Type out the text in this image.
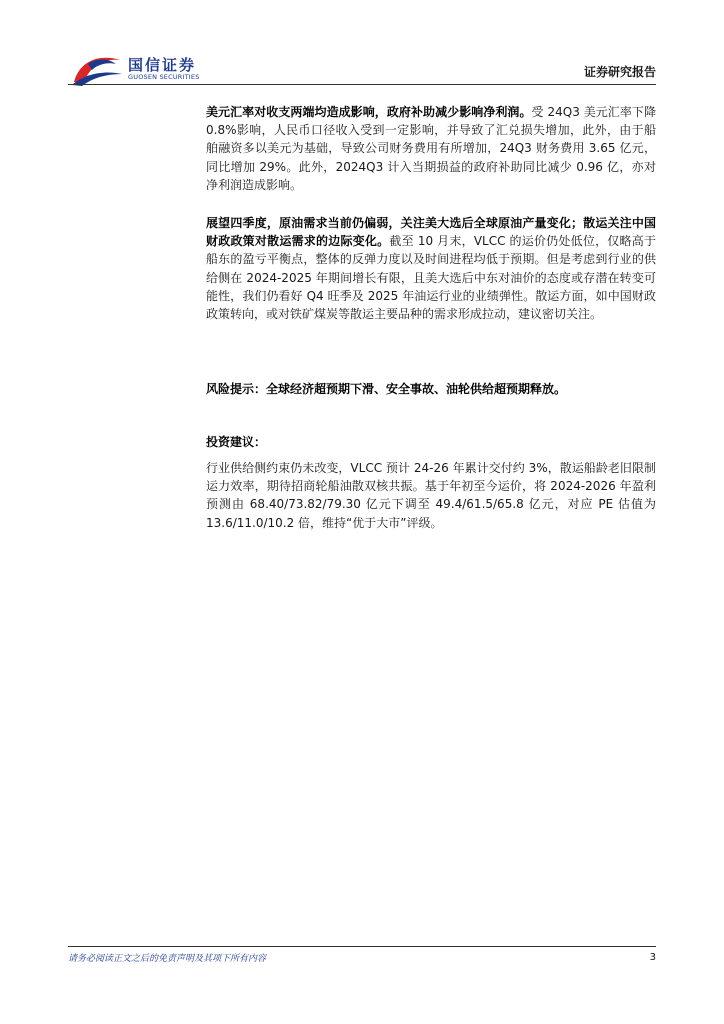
国信证券
GUOSEN SECURITIES	证券研究报告

美元汇率对收支两端均造成影响，政府补助减少影响净利润。受 24Q3 美元汇率下降 0.8%影响，人民币口径收入受到一定影响，并导致了汇兑损失增加，此外，由于船舶融资多以美元为基础，导致公司财务费用有所增加，24Q3 财务费用 3.65 亿元，同比增加 29%。此外，2024Q3 计入当期损益的政府补助同比减少 0.96 亿，亦对净利润造成影响。

展望四季度，原油需求当前仍偏弱，关注美大选后全球原油产量变化；散运关注中国财政政策对散运需求的边际变化。截至 10 月末，VLCC 的运价仍处低位，仅略高于船东的盈亏平衡点，整体的反弹力度以及时间进程均低于预期。但是考虑到行业的供给侧在 2024-2025 年期间增长有限，且美大选后中东对油价的态度或存潜在转变可能性，我们仍看好 Q4 旺季及 2025 年油运行业的业绩弹性。散运方面，如中国财政政策转向，或对铁矿煤炭等散运主要品种的需求形成拉动，建议密切关注。

风险提示：全球经济超预期下滑、安全事故、油轮供给超预期释放。

投资建议：

行业供给侧约束仍未改变，VLCC 预计 24-26 年累计交付约 3%，散运船龄老旧限制运力效率，期待招商轮船油散双核共振。基于年初至今运价，将 2024-2026 年盈利预测由 68.40/73.82/79.30 亿元下调至 49.4/61.5/65.8 亿元，对应 PE 估值为 13.6/11.0/10.2 倍，维持“优于大市”评级。

请务必阅读正文之后的免责声明及其项下所有内容	3
